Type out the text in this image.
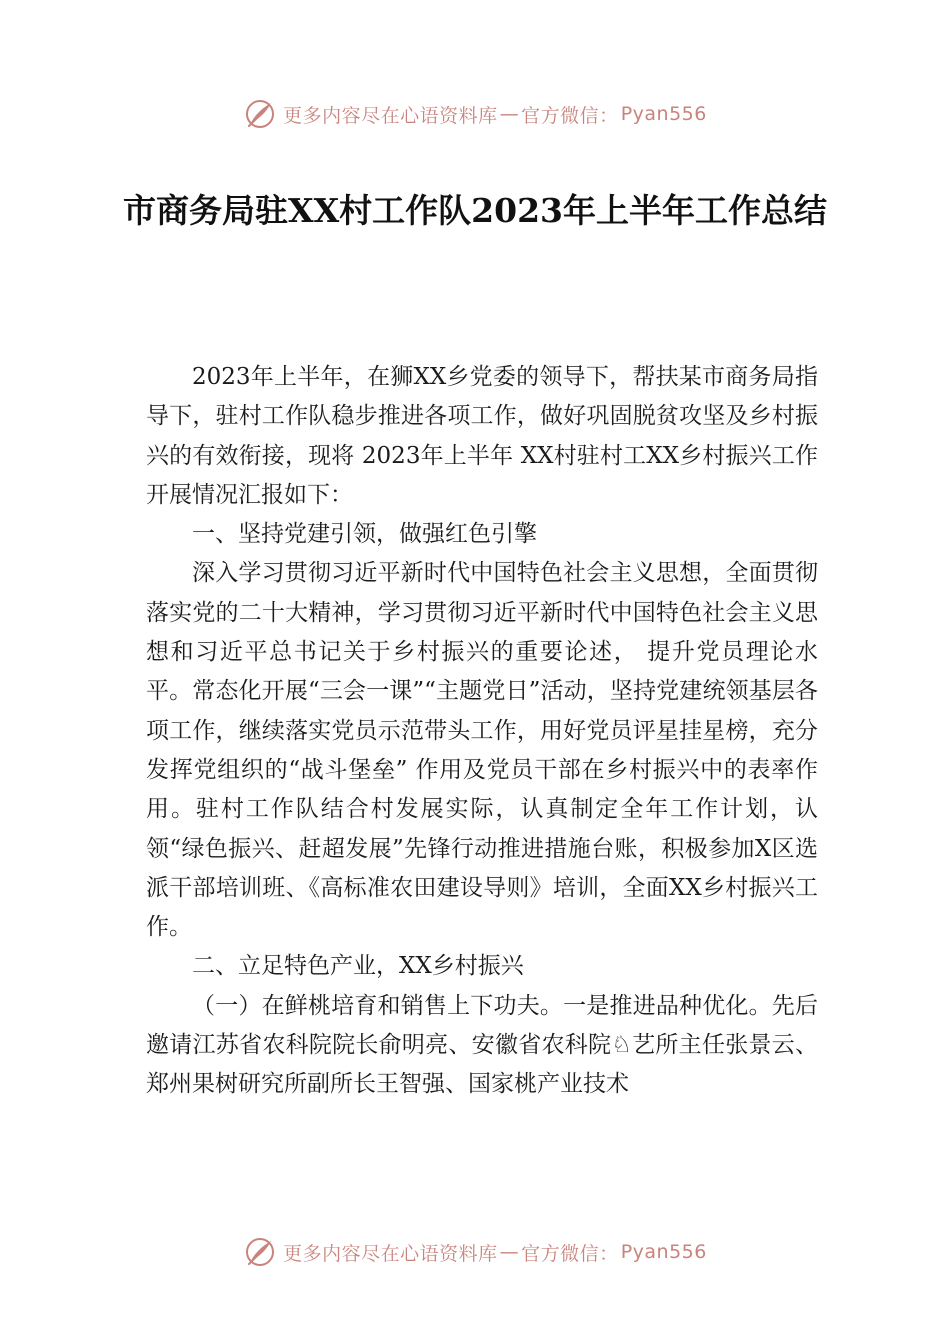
更多内容尽在心语资料库 — 官方微信： Pyan556
市商务局驻XX村工作队2023年上半年工作总结

2023年上半年，在狮XX乡党委的领导下，帮扶某市商务局指导下，驻村工作队稳步推进各项工作，做好巩固脱贫攻坚及乡村振兴的有效衔接，现将 2023年上半年 XX村驻村工XX乡村振兴工作开展情况汇报如下：

一、坚持党建引领，做强红色引擎

深入学习贯彻习近平新时代中国特色社会主义思想，全面贯彻落实党的二十大精神，学习贯彻习近平新时代中国特色社会主义思想和习近平总书记关于乡村振兴的重要论述， 提升党员理论水平。常态化开展“三会一课”“主题党日”活动，坚持党建统领基层各项工作，继续落实党员示范带头工作，用好党员评星挂星榜，充分发挥党组织的“战斗堡垒” 作用及党员干部在乡村振兴中的表率作用。驻村工作队结合村发展实际，认真制定全年工作计划，认领“绿色振兴、赶超发展”先锋行动推进措施台账，积极参加X区选派干部培训班、《高标准农田建设导则》培训，全面XX乡村振兴工作。

二、立足特色产业，XX乡村振兴

（一）在鲜桃培育和销售上下功夫。一是推进品种优化。先后邀请江苏省农科院院长俞明亮、安徽省农科院♘艺所主任张景云、郑州果树研究所副所长王智强、国家桃产业技术

更多内容尽在心语资料库 — 官方微信： Pyan556
